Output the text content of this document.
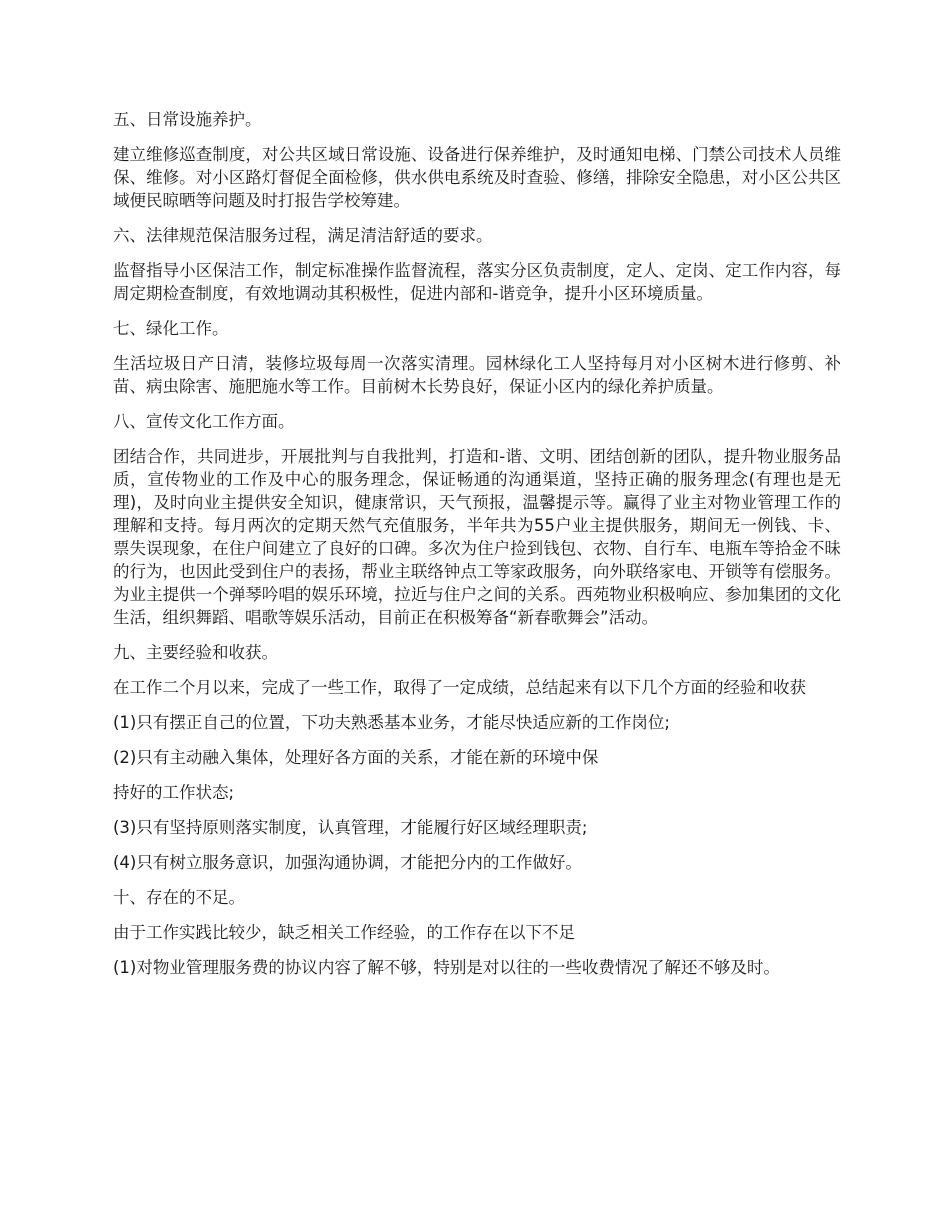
五、日常设施养护。

建立维修巡查制度，对公共区域日常设施、设备进行保养维护，及时通知电梯、门禁公司技术人员维保、维修。对小区路灯督促全面检修，供水供电系统及时查验、修缮，排除安全隐患，对小区公共区域便民晾晒等问题及时打报告学校筹建。

六、法律规范保洁服务过程，满足清洁舒适的要求。

监督指导小区保洁工作，制定标准操作监督流程，落实分区负责制度，定人、定岗、定工作内容，每周定期检查制度，有效地调动其积极性，促进内部和-谐竞争，提升小区环境质量。

七、绿化工作。

生活垃圾日产日清，装修垃圾每周一次落实清理。园林绿化工人坚持每月对小区树木进行修剪、补苗、病虫除害、施肥施水等工作。目前树木长势良好，保证小区内的绿化养护质量。

八、宣传文化工作方面。

团结合作，共同进步，开展批判与自我批判，打造和-谐、文明、团结创新的团队，提升物业服务品质，宣传物业的工作及中心的服务理念，保证畅通的沟通渠道，坚持正确的服务理念(有理也是无理)，及时向业主提供安全知识，健康常识，天气预报，温馨提示等。赢得了业主对物业管理工作的理解和支持。每月两次的定期天然气充值服务，半年共为55户业主提供服务，期间无一例钱、卡、票失误现象，在住户间建立了良好的口碑。多次为住户捡到钱包、衣物、自行车、电瓶车等拾金不昧的行为，也因此受到住户的表扬，帮业主联络钟点工等家政服务，向外联络家电、开锁等有偿服务。为业主提供一个弹琴吟唱的娱乐环境，拉近与住户之间的关系。西苑物业积极响应、参加集团的文化生活，组织舞蹈、唱歌等娱乐活动，目前正在积极筹备“新春歌舞会”活动。

九、主要经验和收获。

在工作二个月以来，完成了一些工作，取得了一定成绩，总结起来有以下几个方面的经验和收获

(1)只有摆正自己的位置，下功夫熟悉基本业务，才能尽快适应新的工作岗位;

(2)只有主动融入集体，处理好各方面的关系，才能在新的环境中保

持好的工作状态;

(3)只有坚持原则落实制度，认真管理，才能履行好区域经理职责;

(4)只有树立服务意识，加强沟通协调，才能把分内的工作做好。

十、存在的不足。

由于工作实践比较少，缺乏相关工作经验，的工作存在以下不足

(1)对物业管理服务费的协议内容了解不够，特别是对以往的一些收费情况了解还不够及时。
